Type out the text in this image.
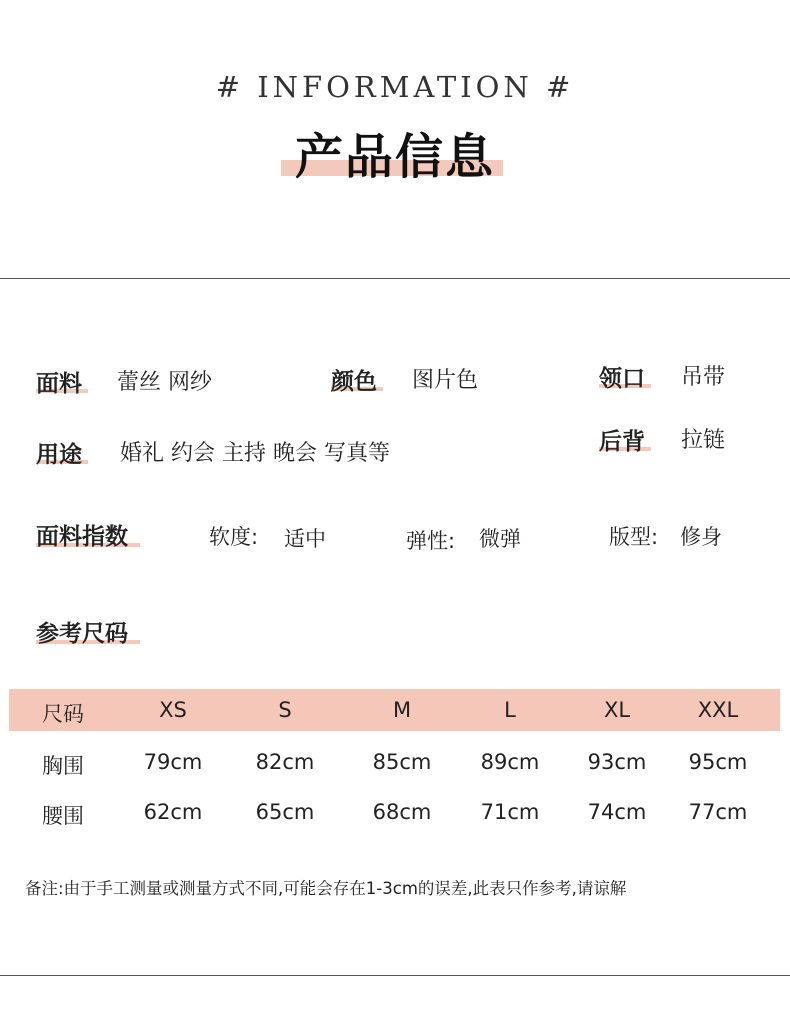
# INFORMATION #
产品信息
面料 蕾丝 网纱	颜色 图片色	领口 吊带
用途 婚礼 约会 主持 晚会 写真等	后背 拉链
面料指数	软度: 适中	弹性: 微弹	版型: 修身
参考尺码
尺码	XS	S	M	L	XL	XXL
胸围	79cm	82cm	85cm	89cm	93cm	95cm
腰围	62cm	65cm	68cm	71cm	74cm	77cm
备注:由于手工测量或测量方式不同,可能会存在1-3cm的误差,此表只作参考,请谅解
